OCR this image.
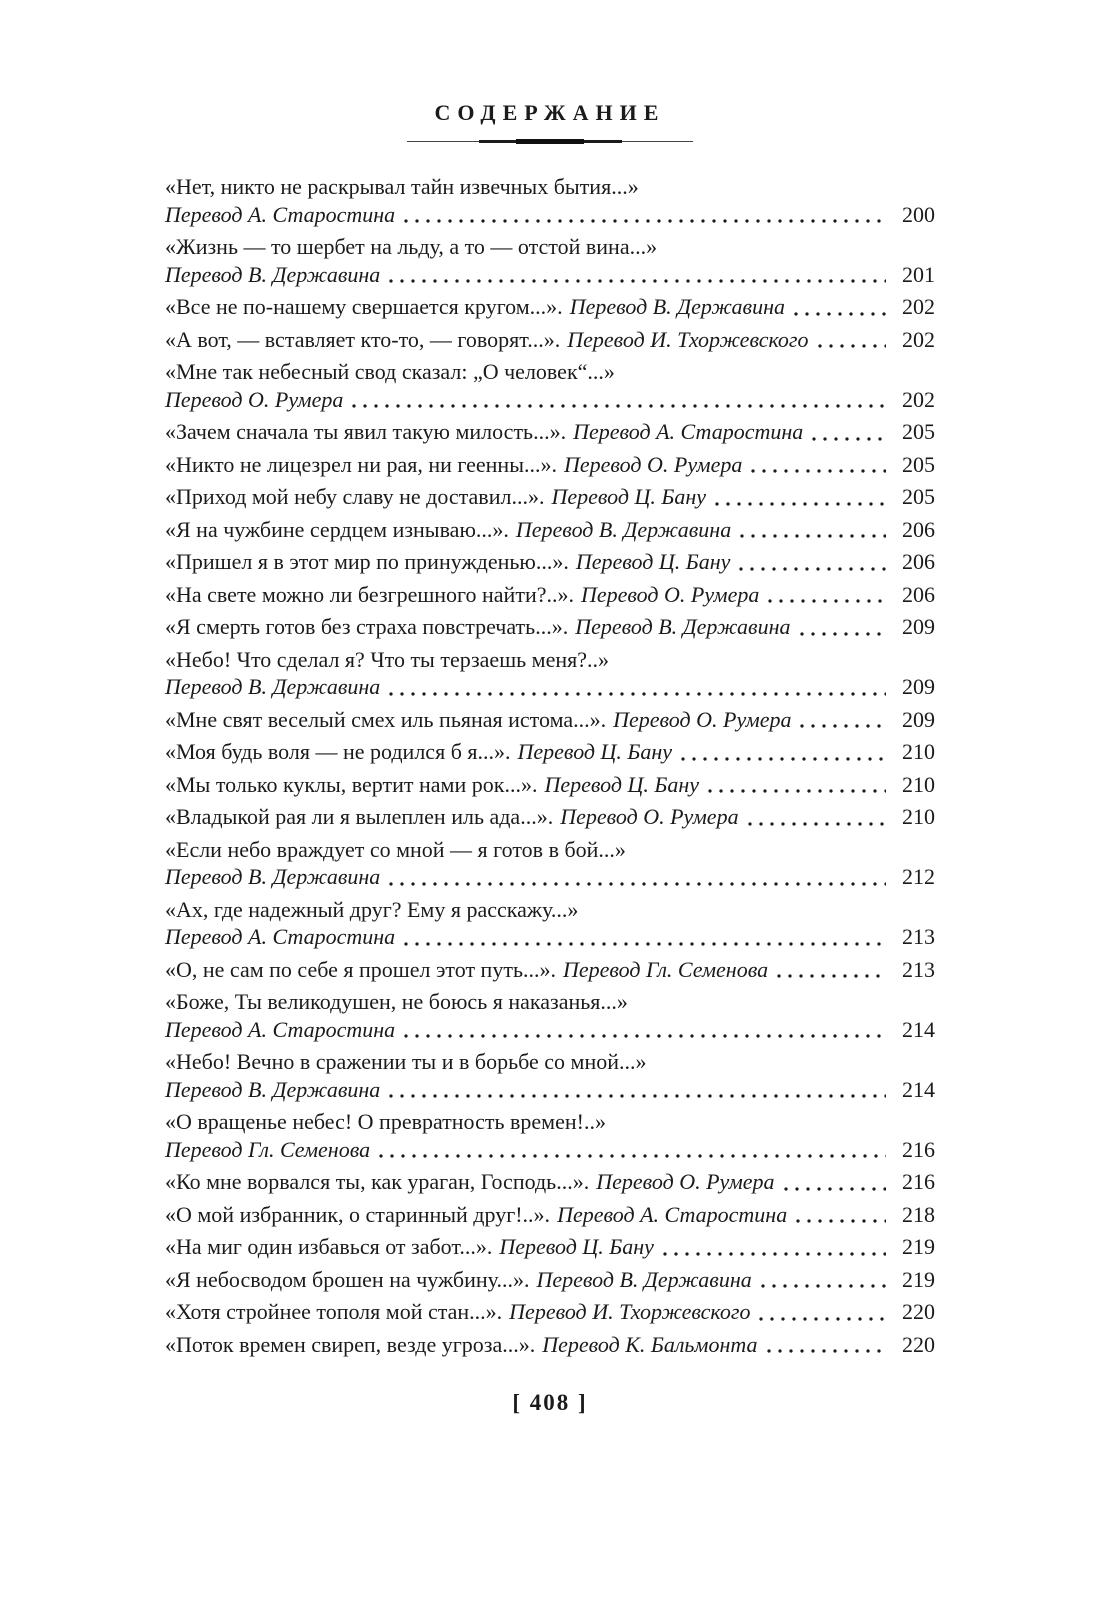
СОДЕРЖАНИЕ
«Нет, никто не раскрывал тайн извечных бытия...»
Перевод А. Старостина	200
«Жизнь — то шербет на льду, а то — отстой вина...»
Перевод В. Державина	201
«Все не по-нашему свершается кругом...». Перевод В. Державина	202
«А вот, — вставляет кто-то, — говорят...». Перевод И. Тхоржевского	202
«Мне так небесный свод сказал: „О человек“...»
Перевод О. Румера	202
«Зачем сначала ты явил такую милость...». Перевод А. Старостина	205
«Никто не лицезрел ни рая, ни геенны...». Перевод О. Румера	205
«Приход мой небу славу не доставил...». Перевод Ц. Бану	205
«Я на чужбине сердцем изнываю...». Перевод В. Державина	206
«Пришел я в этот мир по принужденью...». Перевод Ц. Бану	206
«На свете можно ли безгрешного найти?..». Перевод О. Румера	206
«Я смерть готов без страха повстречать...». Перевод В. Державина	209
«Небо! Что сделал я? Что ты терзаешь меня?..»
Перевод В. Державина	209
«Мне свят веселый смех иль пьяная истома...». Перевод О. Румера	209
«Моя будь воля — не родился б я...». Перевод Ц. Бану	210
«Мы только куклы, вертит нами рок...». Перевод Ц. Бану	210
«Владыкой рая ли я вылеплен иль ада...». Перевод О. Румера	210
«Если небо враждует со мной — я готов в бой...»
Перевод В. Державина	212
«Ах, где надежный друг? Ему я расскажу...»
Перевод А. Старостина	213
«О, не сам по себе я прошел этот путь...». Перевод Гл. Семенова	213
«Боже, Ты великодушен, не боюсь я наказанья...»
Перевод А. Старостина	214
«Небо! Вечно в сражении ты и в борьбе со мной...»
Перевод В. Державина	214
«О вращенье небес! О превратность времен!..»
Перевод Гл. Семенова	216
«Ко мне ворвался ты, как ураган, Господь...». Перевод О. Румера	216
«О мой избранник, о старинный друг!..». Перевод А. Старостина	218
«На миг один избавься от забот...». Перевод Ц. Бану	219
«Я небосводом брошен на чужбину...». Перевод В. Державина	219
«Хотя стройнее тополя мой стан...». Перевод И. Тхоржевского	220
«Поток времен свиреп, везде угроза...». Перевод К. Бальмонта	220
[ 408 ]
